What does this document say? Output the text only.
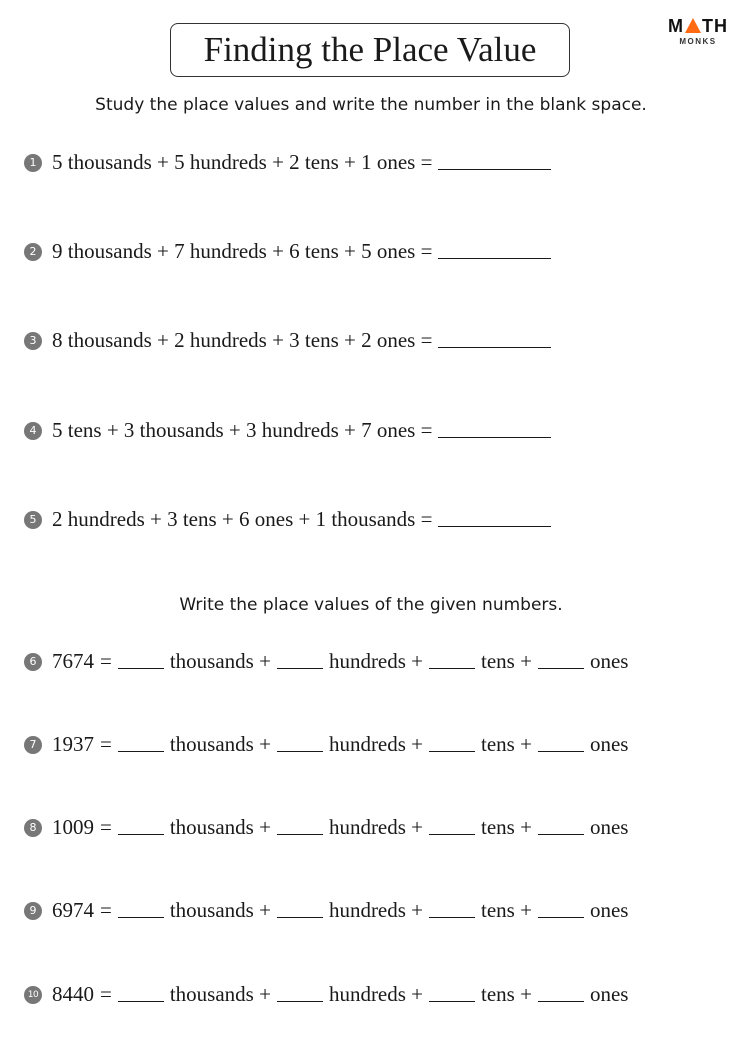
Finding the Place Value
M TH
MONKS
Study the place values and write the number in the blank space.
1 5 thousands + 5 hundreds + 2 tens + 1 ones =
2 9 thousands + 7 hundreds + 6 tens + 5 ones =
3 8 thousands + 2 hundreds + 3 tens + 2 ones =
4 5 tens + 3 thousands + 3 hundreds + 7 ones =
5 2 hundreds + 3 tens + 6 ones + 1 thousands =
Write the place values of the given numbers.
6 7674 =	thousands +	hundreds +	tens +	ones
7 1937 =	thousands +	hundreds +	tens +	ones
8 1009 =	thousands +	hundreds +	tens +	ones
9 6974 =	thousands +	hundreds +	tens +	ones
10 8440 =	thousands +	hundreds +	tens +	ones
